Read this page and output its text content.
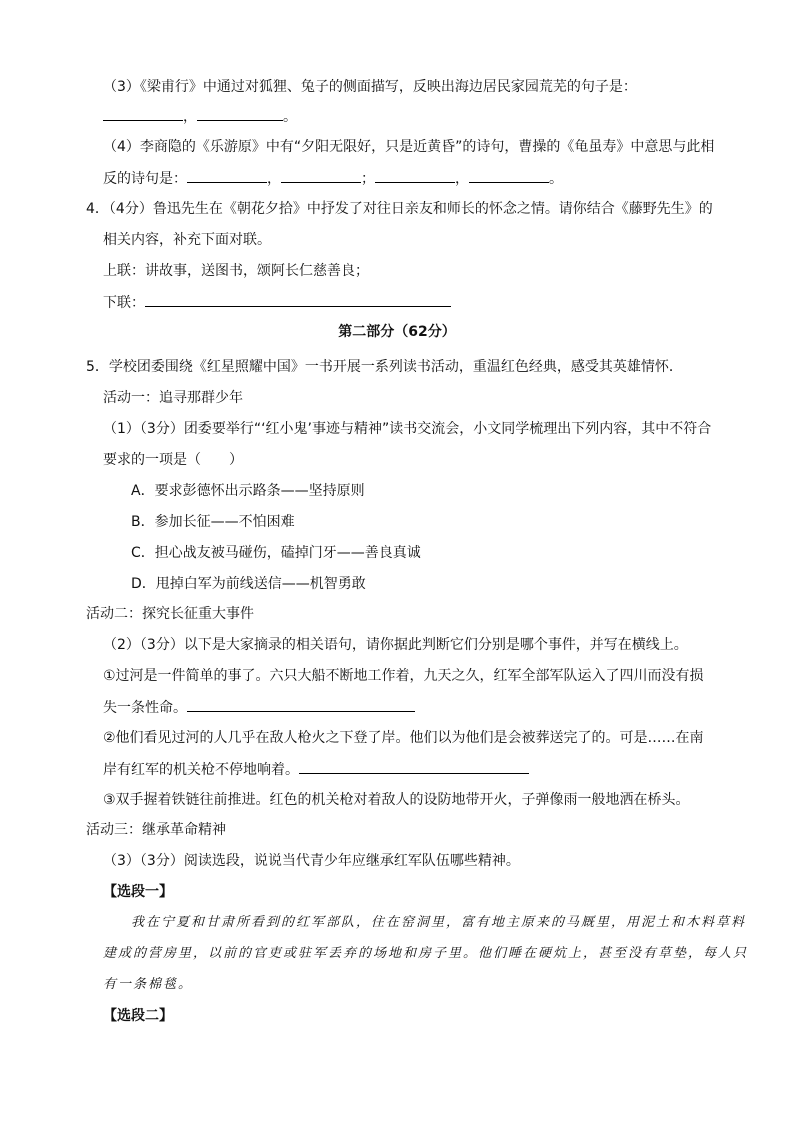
（3）《梁甫行》中通过对狐狸、兔子的侧面描写，反映出海边居民家园荒芜的句子是：
，	。
（4）李商隐的《乐游原》中有“夕阳无限好，只是近黄昏”的诗句，曹操的《龟虽寿》中意思与此相
反的诗句是：	，	；	，	。
4．（4分）鲁迅先生在《朝花夕拾》中抒发了对往日亲友和师长的怀念之情。请你结合《藤野先生》的
相关内容，补充下面对联。
上联：讲故事，送图书，颂阿长仁慈善良；
下联：
第二部分（62分）
5．学校团委围绕《红星照耀中国》一书开展一系列读书活动，重温红色经典，感受其英雄情怀．
活动一：追寻那群少年
（1）（3分）团委要举行“‘红小鬼’事迹与精神”读书交流会，小文同学梳理出下列内容，其中不符合
要求的一项是（　　）
A．要求彭德怀出示路条——坚持原则
B．参加长征——不怕困难
C．担心战友被马碰伤，磕掉门牙——善良真诚
D．甩掉白军为前线送信——机智勇敢
活动二：探究长征重大事件
（2）（3分）以下是大家摘录的相关语句，请你据此判断它们分别是哪个事件，并写在横线上。
①过河是一件简单的事了。六只大船不断地工作着，九天之久，红军全部军队运入了四川而没有损
失一条性命。
②他们看见过河的人几乎在敌人枪火之下登了岸。他们以为他们是会被葬送完了的。可是……在南
岸有红军的机关枪不停地响着。
③双手握着铁链往前推进。红色的机关枪对着敌人的设防地带开火，子弹像雨一般地洒在桥头。
活动三：继承革命精神
（3）（3分）阅读选段，说说当代青少年应继承红军队伍哪些精神。
【选段一】
我在宁夏和甘肃所看到的红军部队，住在窑洞里，富有地主原来的马厩里，用泥土和木料草料
建成的营房里，以前的官吏或驻军丢弃的场地和房子里。他们睡在硬炕上，甚至没有草垫，每人只
有一条棉毯。
【选段二】
